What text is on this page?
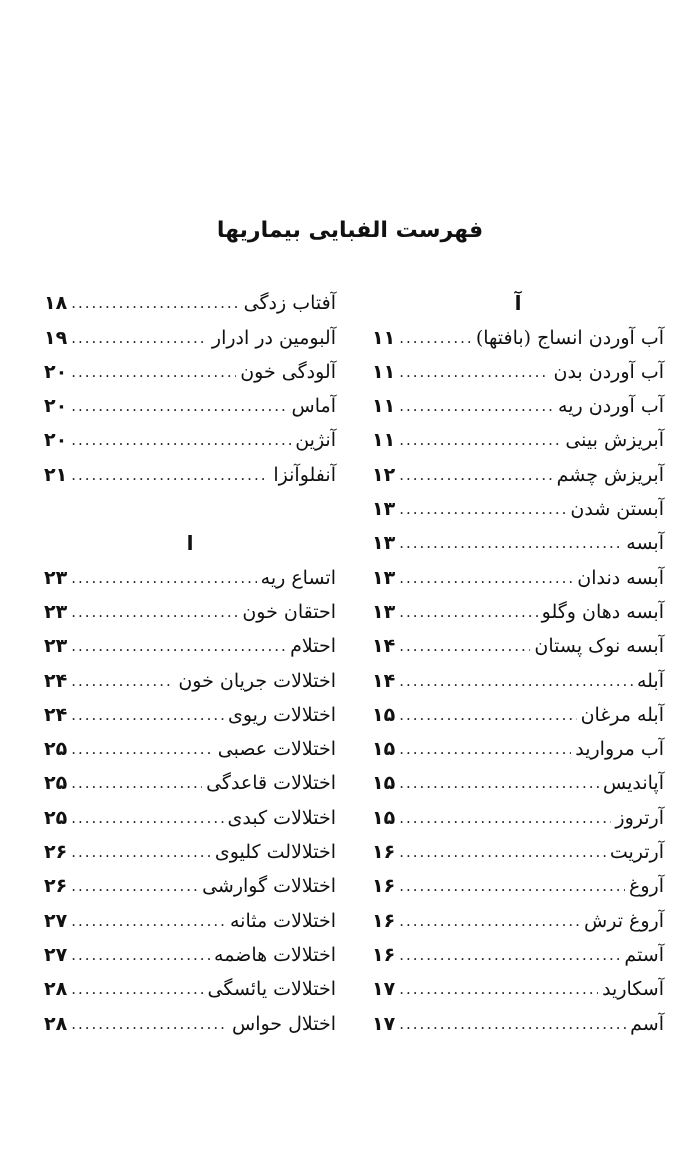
فهرست الفبایی بیماریها
آ
آب آوردن انساج (بافتها)
.....
۱۱
آب آوردن بدن
.....
۱۱
آب آوردن ریه
.....
۱۱
آبریزش بینی
.....
۱۱
آبریزش چشم
.....
۱۲
آبستن شدن
.....
۱۳
آبسه
.....
۱۳
آبسه دندان
.....
۱۳
آبسه دهان وگلو
.....
۱۳
آبسه نوک پستان
.....
۱۴
آبله
.....
۱۴
آبله مرغان
.....
۱۵
آب مروارید
.....
۱۵
آپاندیس
.....
۱۵
آرتروز
.....
۱۵
آرتریت
.....
۱۶
آروغ
.....
۱۶
آروغ ترش
.....
۱۶
آستم
.....
۱۶
آسکارید
.....
۱۷
آسم
.....
۱۷
آفتاب زدگی
.....
۱۸
آلبومین در ادرار
.....
۱۹
آلودگی خون
.....
۲۰
آماس
.....
۲۰
آنژین
.....
۲۰
آنفلوآنزا
.....
۲۱
ا
اتساع ریه
.....
۲۳
احتقان خون
.....
۲۳
احتلام
.....
۲۳
اختلالات جریان خون
.....
۲۴
اختلالات ریوی
.....
۲۴
اختلالات عصبی
.....
۲۵
اختلالات قاعدگی
.....
۲۵
اختلالات کبدی
.....
۲۵
اختلالالت کلیوی
.....
۲۶
اختلالات گوارشی
.....
۲۶
اختلالات مثانه
.....
۲۷
اختلالات هاضمه
.....
۲۷
اختلالات یائسگی
.....
۲۸
اختلال حواس
.....
۲۸
